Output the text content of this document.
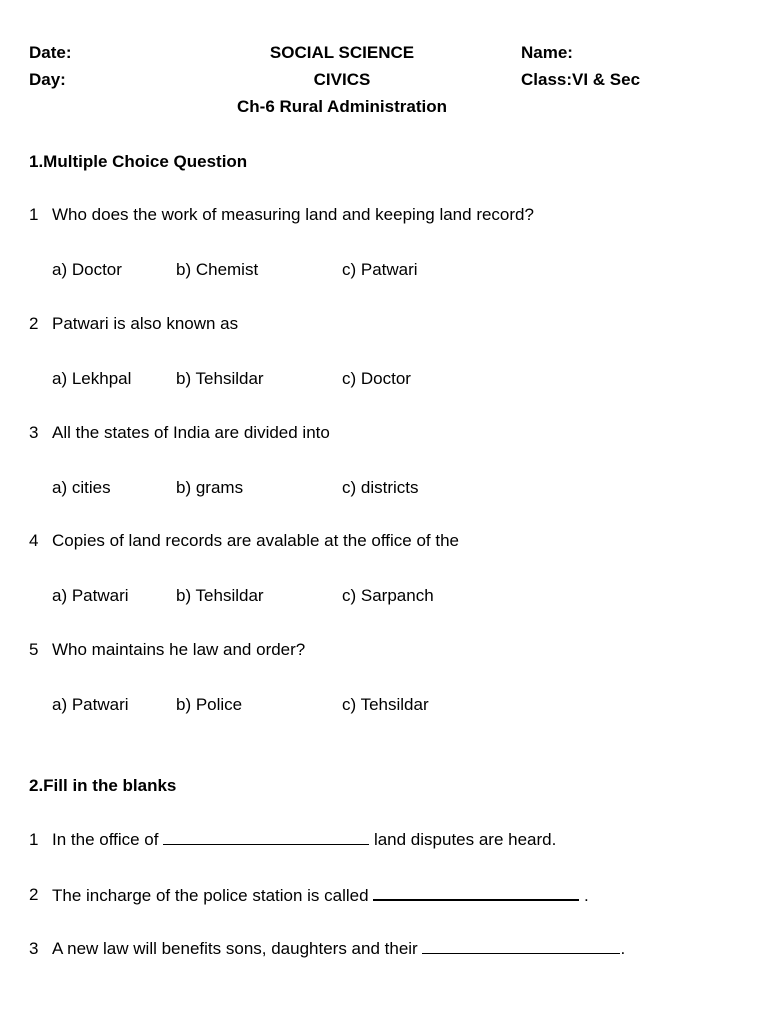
Date:
Day:
SOCIAL SCIENCE
CIVICS
Ch-6 Rural Administration
Name:
Class:VI & Sec
1.Multiple Choice Question
1 Who does the work of measuring land and keeping land record?
a) Doctor	b) Chemist	c) Patwari
2 Patwari is also known as
a) Lekhpal	b) Tehsildar	c) Doctor
3 All the states of India are divided into
a) cities	b) grams	c) districts
4 Copies of land records are avalable at the office of the
a) Patwari	b) Tehsildar	c) Sarpanch
5 Who maintains he law and order?
a) Patwari	b) Police	c) Tehsildar
2.Fill in the blanks
1 In the office of	land disputes are heard.
2 The incharge of the police station is called	.
3 A new law will benefits sons, daughters and their	.
